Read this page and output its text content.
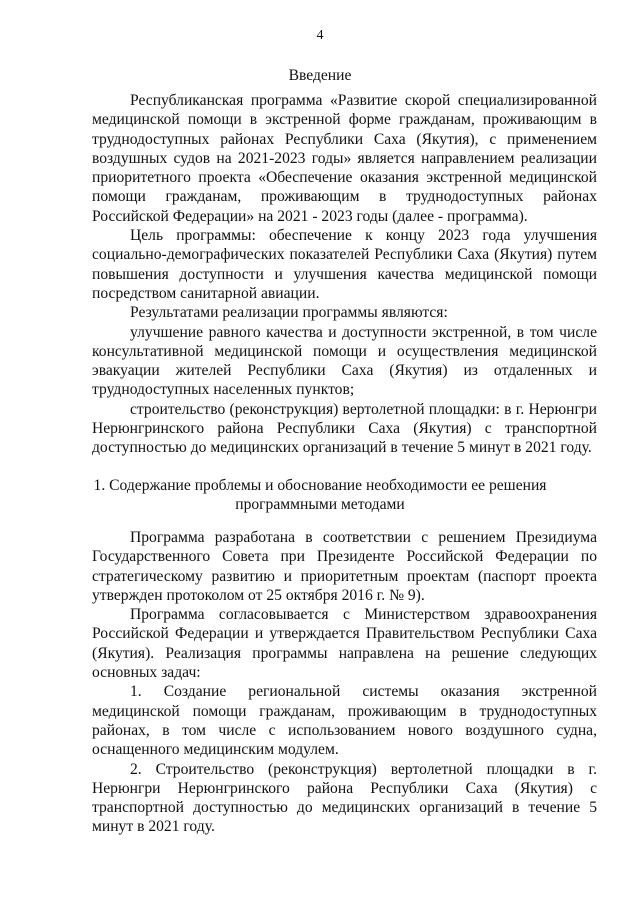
4
Введение

Республиканская программа «Развитие скорой специализированной медицинской помощи в экстренной форме гражданам, проживающим в труднодоступных районах Республики Саха (Якутия), с применением воздушных судов на 2021-2023 годы» является направлением реализации приоритетного проекта «Обеспечение оказания экстренной медицинской помощи гражданам, проживающим в труднодоступных районах Российской Федерации» на 2021 - 2023 годы (далее - программа).

Цель программы: обеспечение к концу 2023 года улучшения социально-демографических показателей Республики Саха (Якутия) путем повышения доступности и улучшения качества медицинской помощи посредством санитарной авиации.

Результатами реализации программы являются:

улучшение равного качества и доступности экстренной, в том числе консультативной медицинской помощи и осуществления медицинской эвакуации жителей Республики Саха (Якутия) из отдаленных и труднодоступных населенных пунктов;

строительство (реконструкция) вертолетной площадки: в г. Нерюнгри Нерюнгринского района Республики Саха (Якутия) с транспортной доступностью до медицинских организаций в течение 5 минут в 2021 году.

1. Содержание проблемы и обоснование необходимости ее решения
программными методами

Программа разработана в соответствии с решением Президиума Государственного Совета при Президенте Российской Федерации по стратегическому развитию и приоритетным проектам (паспорт проекта утвержден протоколом от 25 октября 2016 г. № 9).

Программа согласовывается с Министерством здравоохранения Российской Федерации и утверждается Правительством Республики Саха (Якутия). Реализация программы направлена на решение следующих основных задач:

1. Создание региональной системы оказания экстренной медицинской помощи гражданам, проживающим в труднодоступных районах, в том числе с использованием нового воздушного судна, оснащенного медицинским модулем.

2. Строительство (реконструкция) вертолетной площадки в г. Нерюнгри Нерюнгринского района Республики Саха (Якутия) с транспортной доступностью до медицинских организаций в течение 5 минут в 2021 году.
